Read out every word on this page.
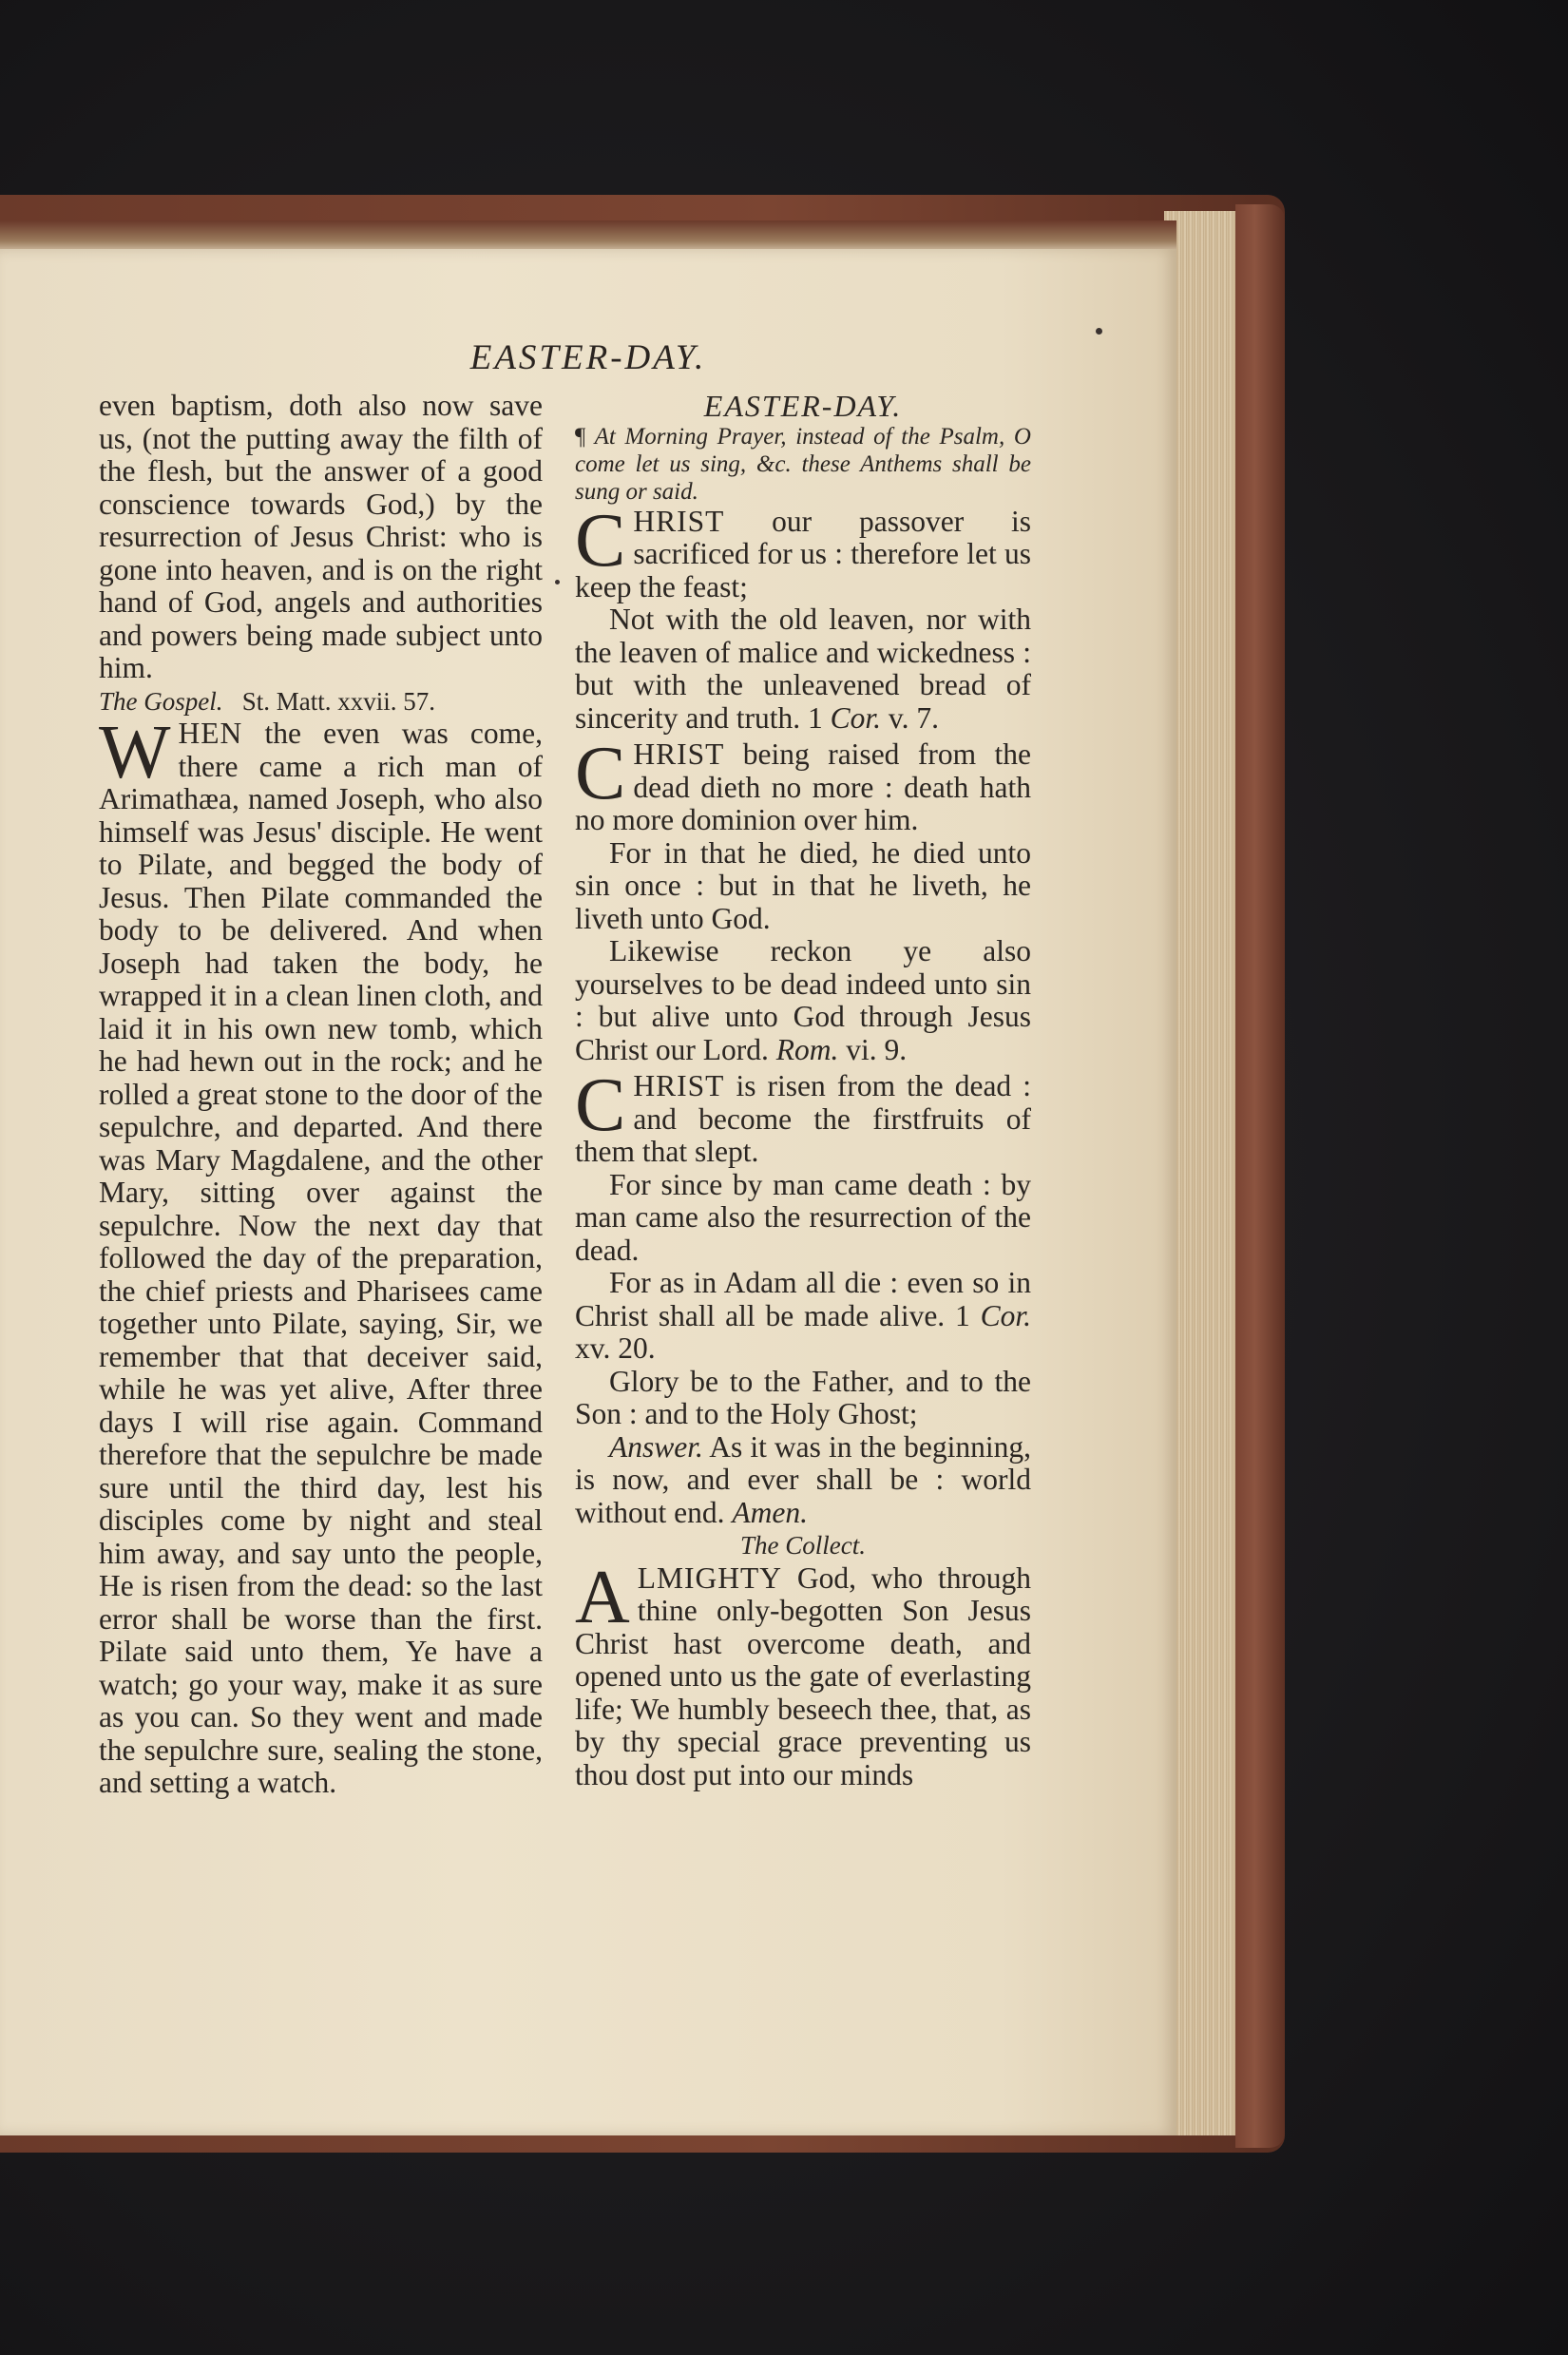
EASTER-DAY.

even baptism, doth also now save us, (not the putting away the filth of the flesh, but the answer of a good conscience towards God,) by the resurrection of Jesus Christ: who is gone into heaven, and is on the right hand of God, angels and authorities and powers being made subject unto him.

The Gospel. St. Matt. xxvii. 57.

WHEN the even was come, there came a rich man of Arimathæa, named Joseph, who also himself was Jesus' disciple. He went to Pilate, and begged the body of Jesus. Then Pilate commanded the body to be delivered. And when Joseph had taken the body, he wrapped it in a clean linen cloth, and laid it in his own new tomb, which he had hewn out in the rock; and he rolled a great stone to the door of the sepulchre, and departed. And there was Mary Magdalene, and the other Mary, sitting over against the sepulchre. Now the next day that followed the day of the preparation, the chief priests and Pharisees came together unto Pilate, saying, Sir, we remember that that deceiver said, while he was yet alive, After three days I will rise again. Command therefore that the sepulchre be made sure until the third day, lest his disciples come by night and steal him away, and say unto the people, He is risen from the dead: so the last error shall be worse than the first. Pilate said unto them, Ye have a watch; go your way, make it as sure as you can. So they went and made the sepulchre sure, sealing the stone, and setting a watch.

EASTER-DAY.

¶ At Morning Prayer, instead of the Psalm, O come let us sing, &c. these Anthems shall be sung or said.

CHRIST our passover is sacrificed for us : therefore let us keep the feast;

Not with the old leaven, nor with the leaven of malice and wickedness : but with the unleavened bread of sincerity and truth. 1 Cor. v. 7.

CHRIST being raised from the dead dieth no more : death hath no more dominion over him.

For in that he died, he died unto sin once : but in that he liveth, he liveth unto God.

Likewise reckon ye also yourselves to be dead indeed unto sin : but alive unto God through Jesus Christ our Lord. Rom. vi. 9.

CHRIST is risen from the dead : and become the firstfruits of them that slept.

For since by man came death : by man came also the resurrection of the dead.

For as in Adam all die : even so in Christ shall all be made alive. 1 Cor. xv. 20.

Glory be to the Father, and to the Son : and to the Holy Ghost;

Answer. As it was in the beginning, is now, and ever shall be : world without end. Amen.

The Collect.

ALMIGHTY God, who through thine only-begotten Son Jesus Christ hast overcome death, and opened unto us the gate of everlasting life; We humbly beseech thee, that, as by thy special grace preventing us thou dost put into our minds
